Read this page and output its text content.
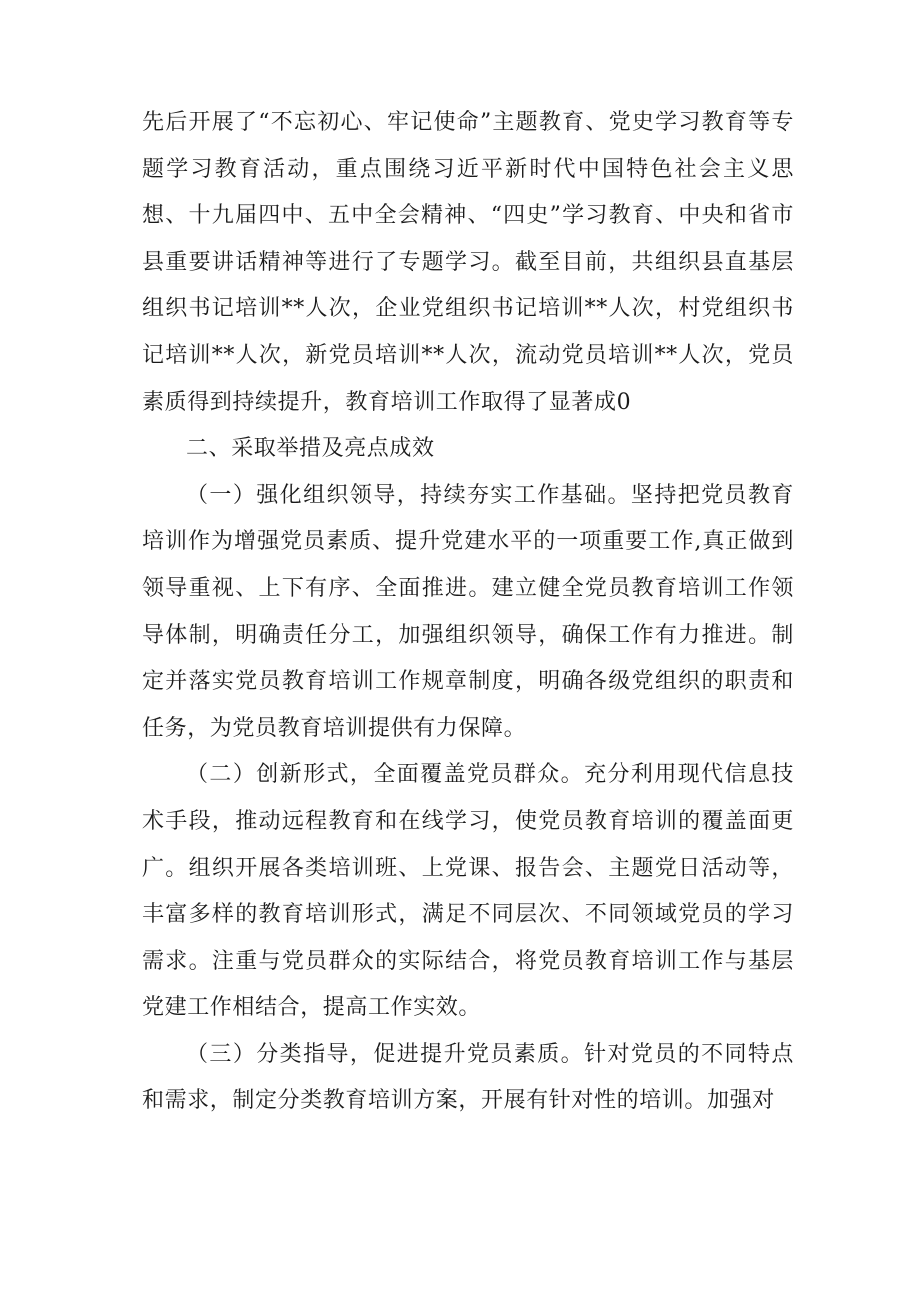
先后开展了“不忘初心、牢记使命”主题教育、党史学习教育等专题学习教育活动，重点围绕习近平新时代中国特色社会主义思想、十九届四中、五中全会精神、“四史”学习教育、中央和省市县重要讲话精神等进行了专题学习。截至目前，共组织县直基层组织书记培训**人次，企业党组织书记培训**人次，村党组织书记培训**人次，新党员培训**人次，流动党员培训**人次，党员素质得到持续提升，教育培训工作取得了显著成0

二、采取举措及亮点成效

（一）强化组织领导，持续夯实工作基础。坚持把党员教育培训作为增强党员素质、提升党建水平的一项重要工作,真正做到领导重视、上下有序、全面推进。建立健全党员教育培训工作领导体制，明确责任分工，加强组织领导，确保工作有力推进。制定并落实党员教育培训工作规章制度，明确各级党组织的职责和任务，为党员教育培训提供有力保障。

（二）创新形式，全面覆盖党员群众。充分利用现代信息技术手段，推动远程教育和在线学习，使党员教育培训的覆盖面更广。组织开展各类培训班、上党课、报告会、主题党日活动等，丰富多样的教育培训形式，满足不同层次、不同领域党员的学习需求。注重与党员群众的实际结合，将党员教育培训工作与基层党建工作相结合，提高工作实效。

（三）分类指导，促进提升党员素质。针对党员的不同特点和需求，制定分类教育培训方案，开展有针对性的培训。加强对
